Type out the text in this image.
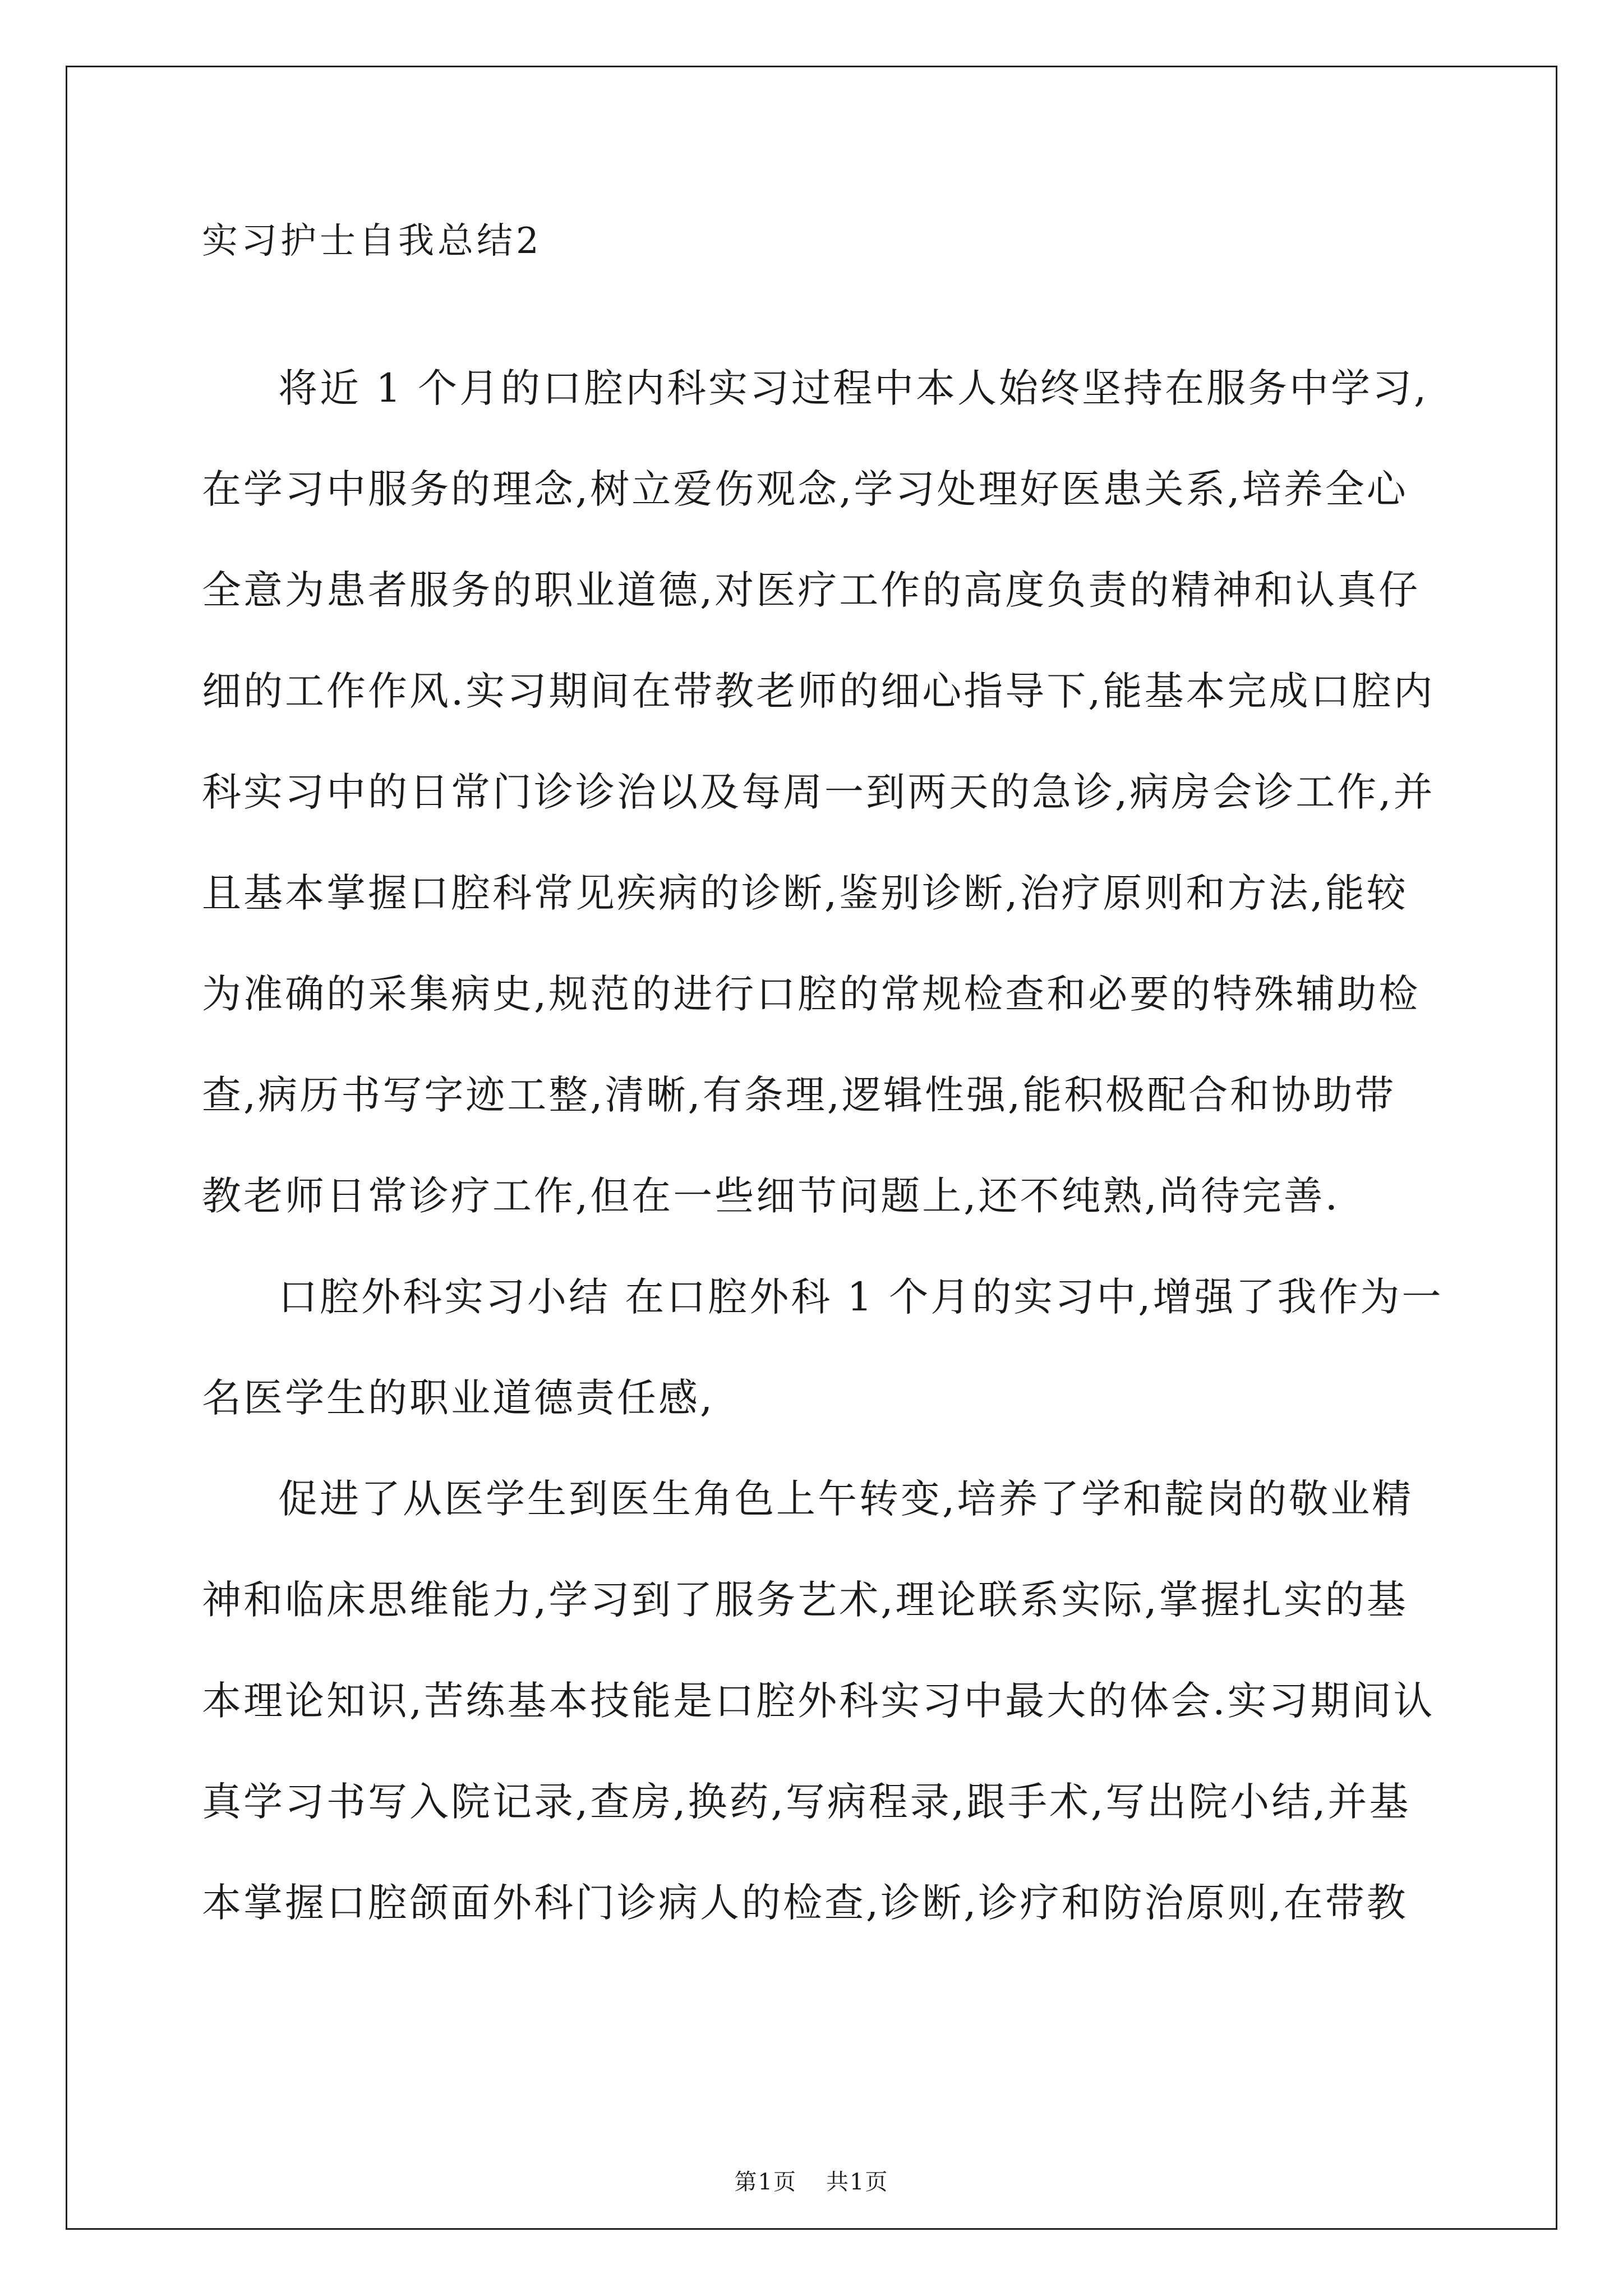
实习护士自我总结2
将近 1 个月的口腔内科实习过程中本人始终坚持在服务中学习,
在学习中服务的理念,树立爱伤观念,学习处理好医患关系,培养全心
全意为患者服务的职业道德,对医疗工作的高度负责的精神和认真仔
细的工作作风.实习期间在带教老师的细心指导下,能基本完成口腔内
科实习中的日常门诊诊治以及每周一到两天的急诊,病房会诊工作,并
且基本掌握口腔科常见疾病的诊断,鉴别诊断,治疗原则和方法,能较
为准确的采集病史,规范的进行口腔的常规检查和必要的特殊辅助检
查,病历书写字迹工整,清晰,有条理,逻辑性强,能积极配合和协助带
教老师日常诊疗工作,但在一些细节问题上,还不纯熟,尚待完善.
口腔外科实习小结 在口腔外科 1 个月的实习中,增强了我作为一
名医学生的职业道德责任感,
促进了从医学生到医生角色上午转变,培养了学和靛岗的敬业精
神和临床思维能力,学习到了服务艺术,理论联系实际,掌握扎实的基
本理论知识,苦练基本技能是口腔外科实习中最大的体会.实习期间认
真学习书写入院记录,查房,换药,写病程录,跟手术,写出院小结,并基
本掌握口腔颌面外科门诊病人的检查,诊断,诊疗和防治原则,在带教
第1页 共1页
